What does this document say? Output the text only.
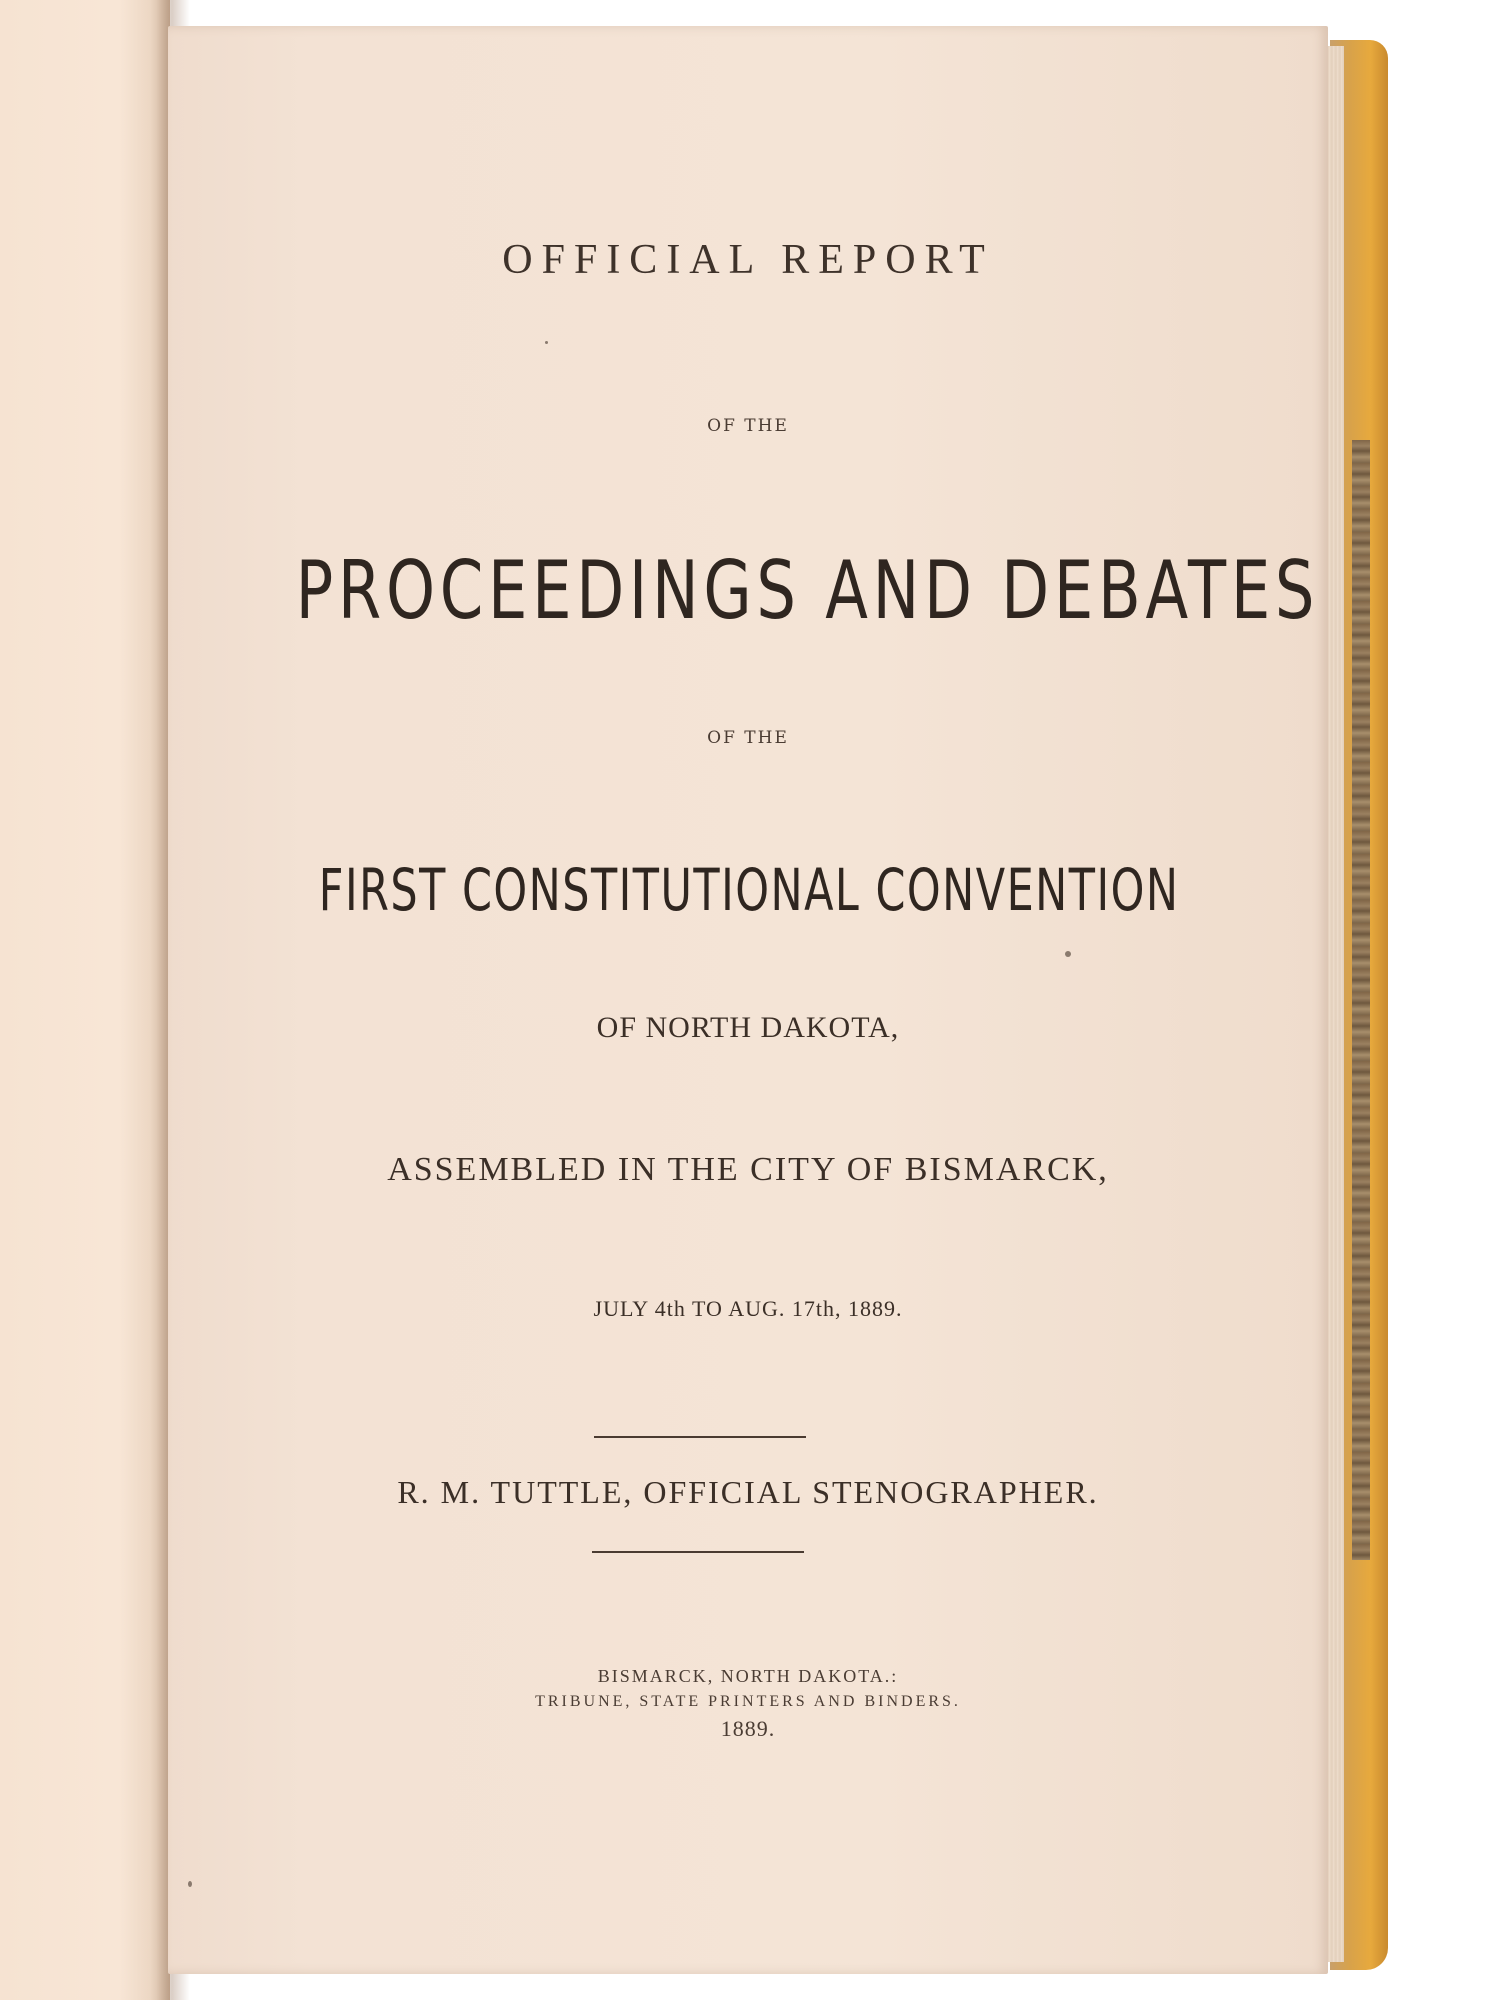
OFFICIAL REPORT
OF THE
PROCEEDINGS AND DEBATES
OF THE
FIRST CONSTITUTIONAL CONVENTION
OF NORTH DAKOTA,
ASSEMBLED IN THE CITY OF BISMARCK,
JULY 4th TO AUG. 17th, 1889.
R. M. TUTTLE, OFFICIAL STENOGRAPHER.
BISMARCK, NORTH DAKOTA.:
TRIBUNE, STATE PRINTERS AND BINDERS.
1889.
